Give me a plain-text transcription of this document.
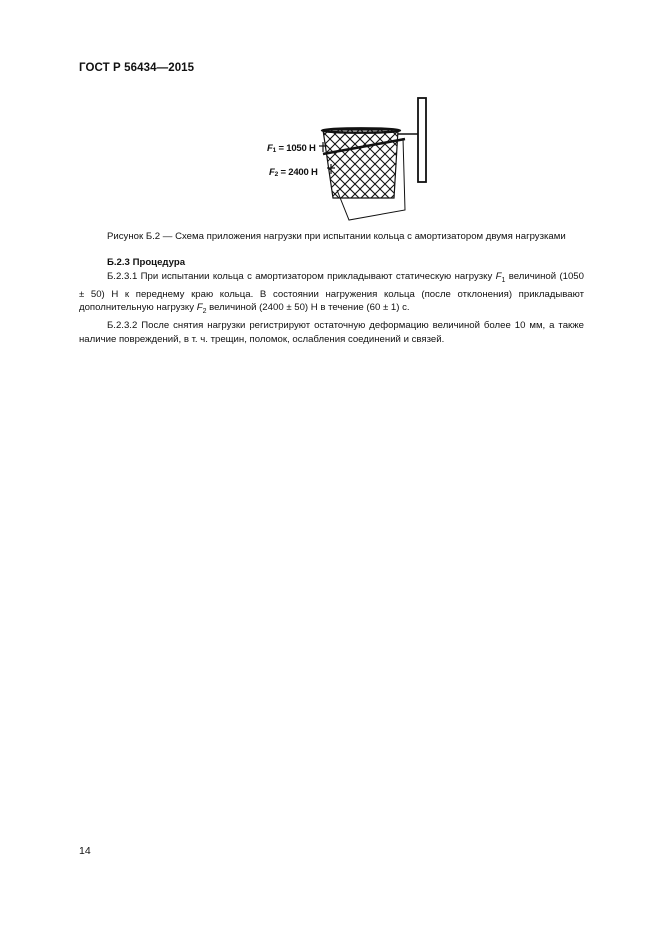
ГОСТ Р 56434—2015
$F_1 = 1050$ Н
$F_2 = 2400$ Н
Рисунок Б.2 — Схема приложения нагрузки при испытании кольца с амортизатором двумя нагрузками

Б.2.3 Процедура

Б.2.3.1 При испытании кольца с амортизатором прикладывают статическую нагрузку $F_1$ величиной (1050 ± 50) Н к переднему краю кольца. В состоянии нагружения кольца (после отклонения) прикладывают дополнительную нагрузку $F_2$ величиной (2400 ± 50) Н в течение (60 ± 1) с.

Б.2.3.2 После снятия нагрузки регистрируют остаточную деформацию величиной более 10 мм, а также наличие повреждений, в т. ч. трещин, поломок, ослабления соединений и связей.

14
